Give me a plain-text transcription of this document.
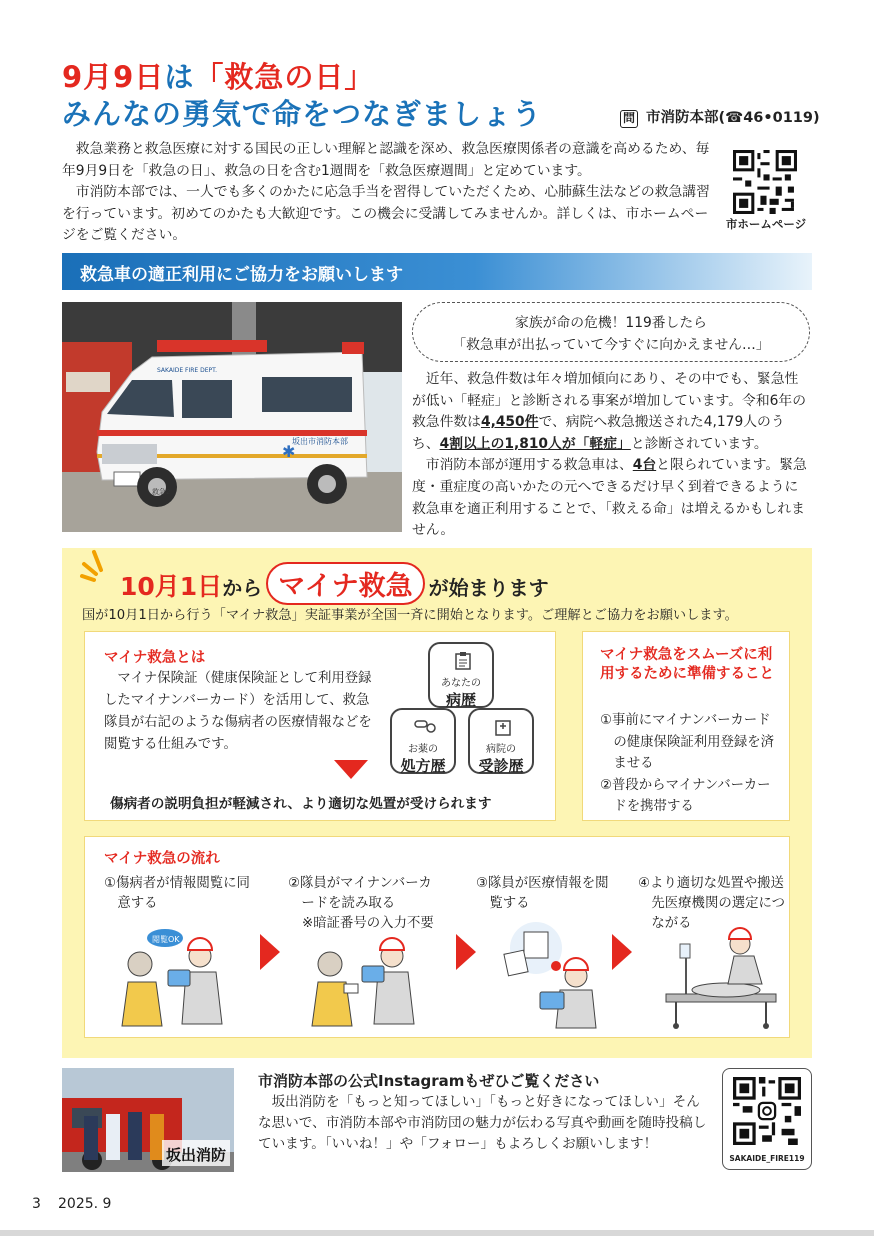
9月9日は「救急の日」
みんなの勇気で命をつなぎましょう	問 市消防本部(☎46•0119)

救急業務と救急医療に対する国民の正しい理解と認識を深め、救急医療関係者の意識を高めるため、毎年9月9日を「救急の日」、救急の日を含む1週間を「救急医療週間」と定めています。

市消防本部では、一人でも多くのかたに応急手当を習得していただくため、心肺蘇生法などの救急講習を行っています。初めてのかたも大歓迎です。この機会に受講してみませんか。詳しくは、市ホームページをご覧ください。

市ホームページ
救急車の適正利用にご協力をお願いします
坂出市消防本部
SAKAIDE FIRE DEPT.
救急2
✱
家族が命の危機！119番したら
「救急車が出払っていて今すぐに向かえません…」

近年、救急件数は年々増加傾向にあり、その中でも、緊急性が低い「軽症」と診断される事案が増加しています。令和6年の救急件数は4,450件で、病院へ救急搬送された4,179人のうち、4割以上の1,810人が「軽症」と診断されています。

市消防本部が運用する救急車は、4台と限られています。緊急度・重症度の高いかたの元へできるだけ早く到着できるように救急車を適正利用することで、「救える命」は増えるかもしれません。

10月1日から マイナ救急 が始まります
国が10月1日から行う「マイナ救急」実証事業が全国一斉に開始となります。ご理解とご協力をお願いします。
マイナ救急とは
マイナ保険証（健康保険証として利用登録したマイナンバーカード）を活用して、救急隊員が右記のような傷病者の医療情報などを閲覧する仕組みです。
傷病者の説明負担が軽減され、より適切な処置が受けられます
あなたの
病歴
お薬の
処方歴
病院の
受診歴
マイナ救急をスムーズに利用するために準備すること

①事前にマイナンバーカードの健康保険証利用登録を済ませる

②普段からマイナンバーカードを携帯する

マイナ救急の流れ
①傷病者が情報閲覧に同意する
②隊員がマイナンバーカードを読み取る
※暗証番号の入力不要
③隊員が医療情報を閲覧する
④より適切な処置や搬送先医療機関の選定につながる
閲覧OK
坂出消防
市消防本部の公式Instagramもぜひご覧ください
坂出消防を「もっと知ってほしい」「もっと好きになってほしい」そんな思いで、市消防本部や市消防団の魅力が伝わる写真や動画を随時投稿しています。「いいね！」や「フォロー」もよろしくお願いします！
SAKAIDE_FIRE119
3 2025. 9
